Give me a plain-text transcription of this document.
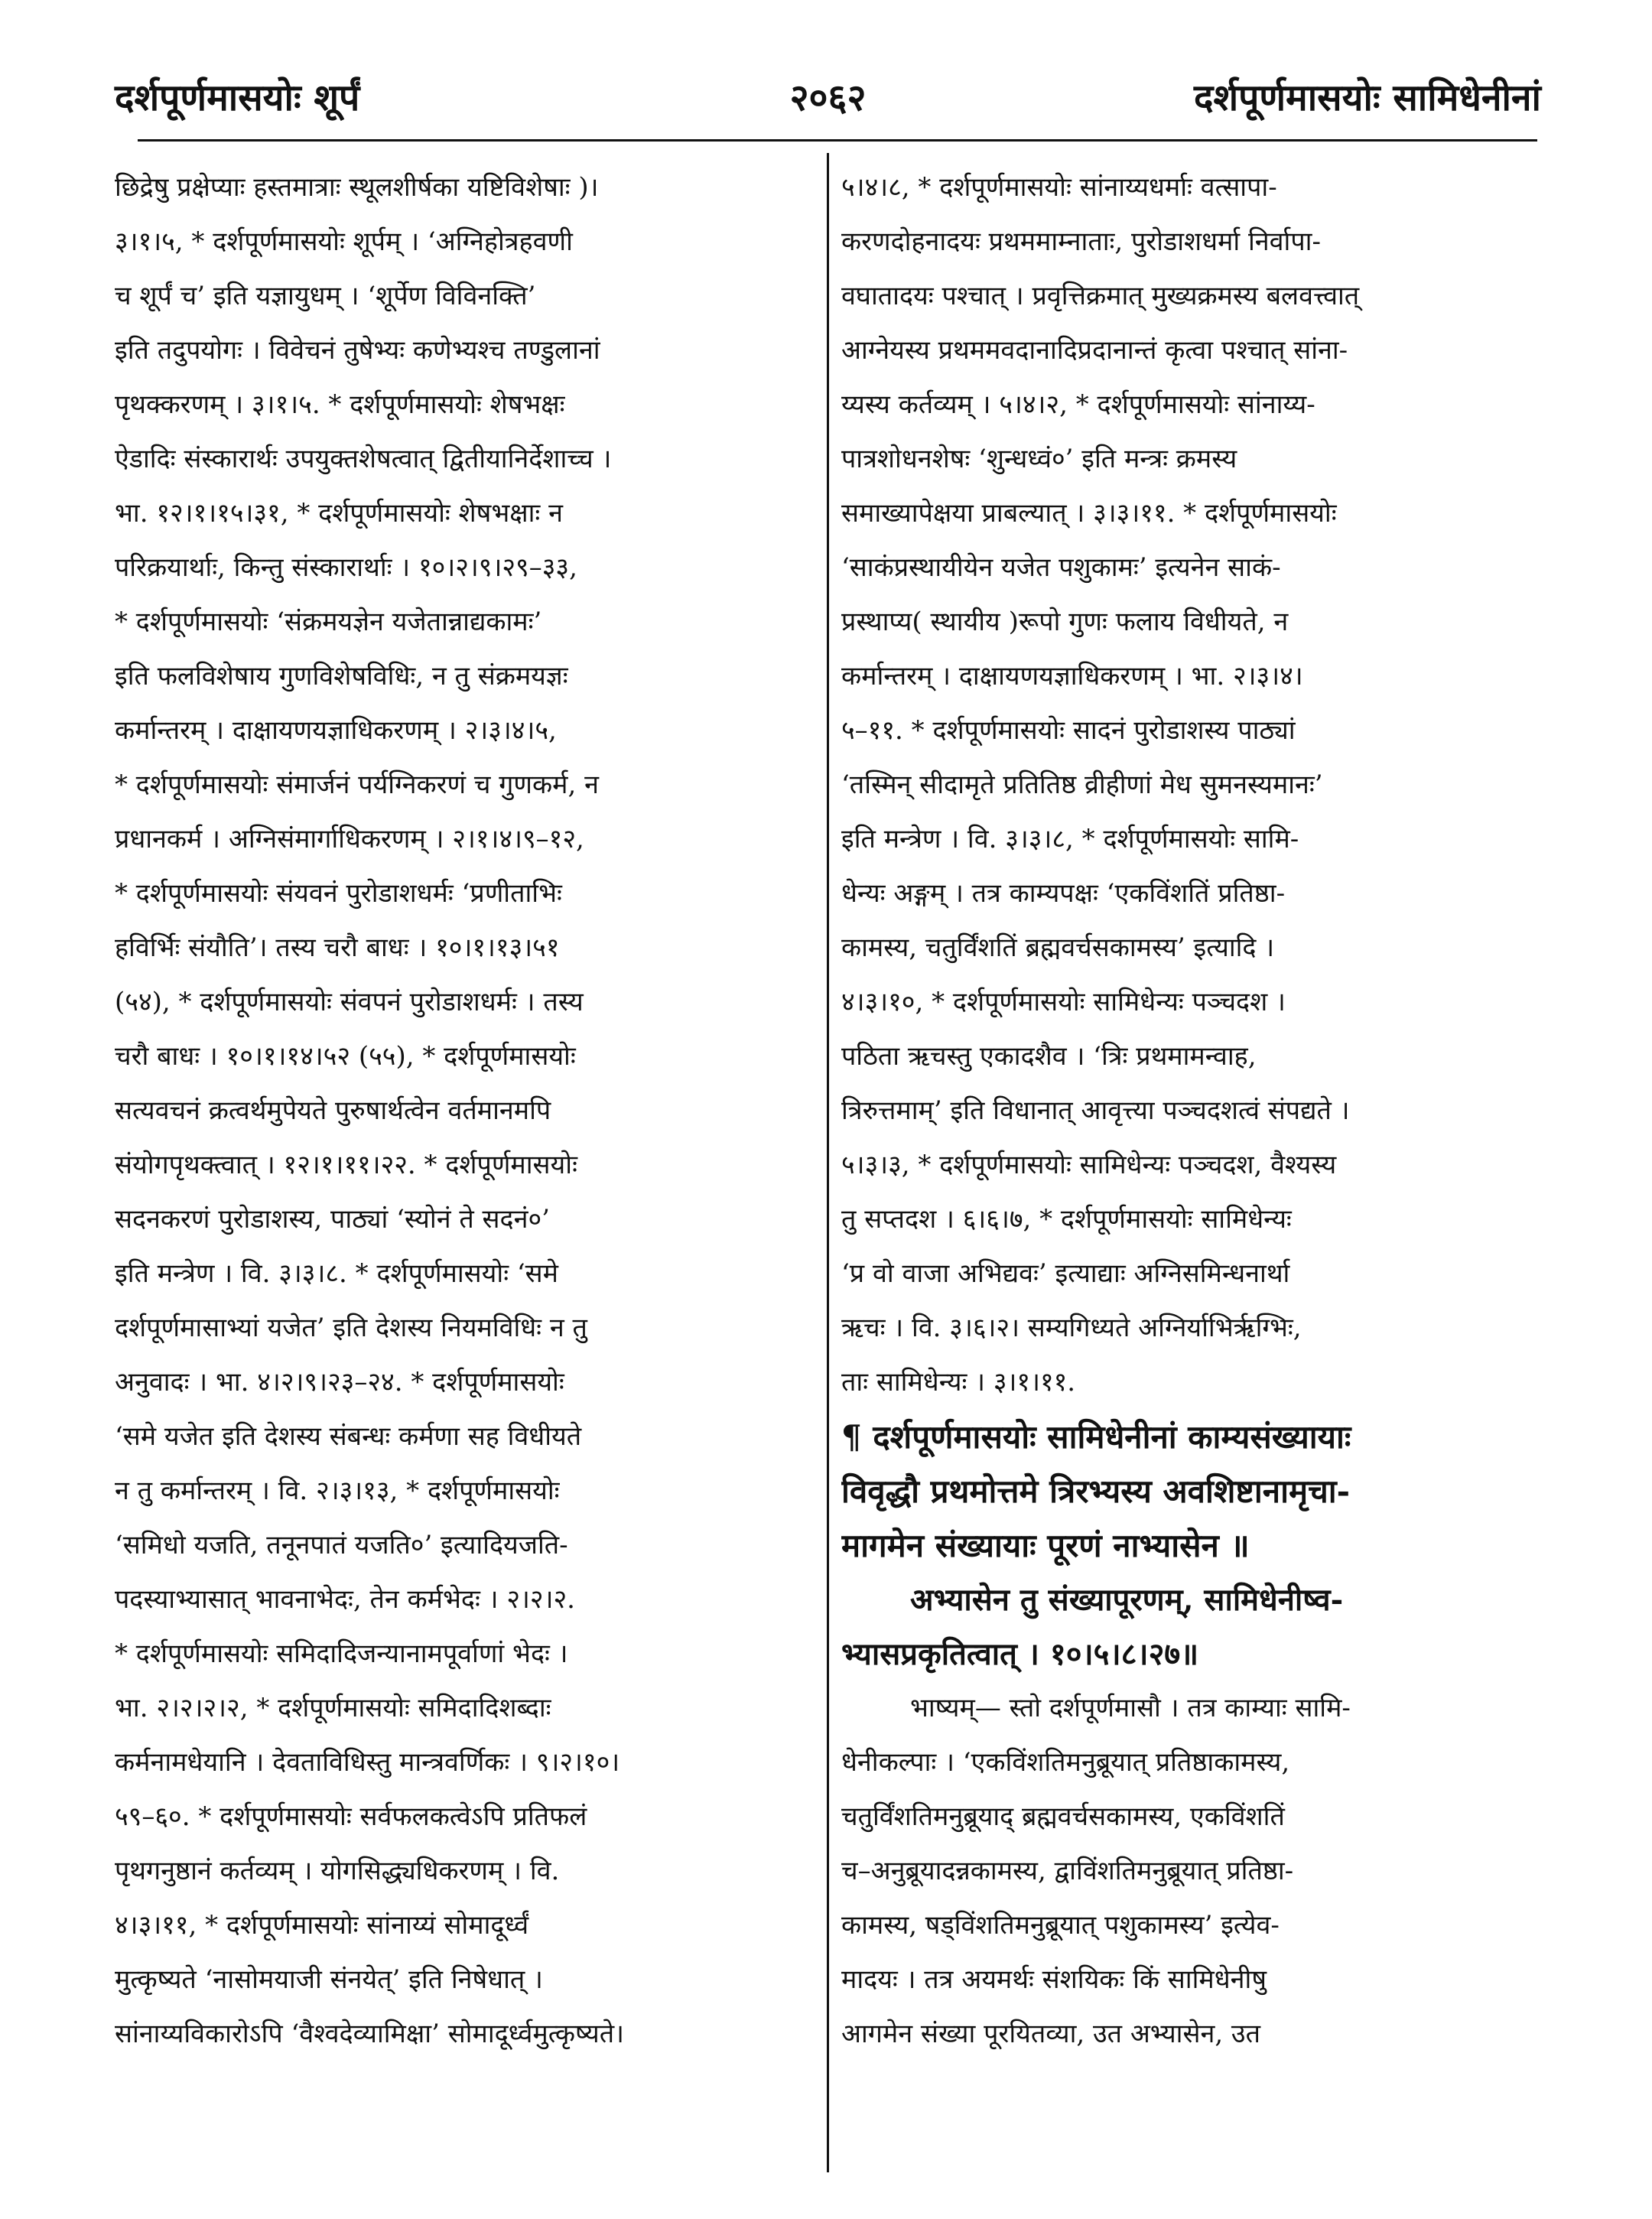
२०६२
दर्शपूर्णमासयोः शूर्पं	दर्शपूर्णमासयोः सामिधेनीनां
छिद्रेषु प्रक्षेप्याः हस्तमात्राः स्थूलशीर्षका यष्टिविशेषाः )।
३।१।५, * दर्शपूर्णमासयोः शूर्पम् । ‘अग्निहोत्रहवणी
च शूर्पं च’ इति यज्ञायुधम् । ‘शूर्पेण विविनक्ति’
इति तदुपयोगः । विवेचनं तुषेभ्यः कणेभ्यश्च तण्डुलानां
पृथक्करणम् । ३।१।५. * दर्शपूर्णमासयोः शेषभक्षः
ऐडादिः संस्कारार्थः उपयुक्तशेषत्वात् द्वितीयानिर्देशाच्च ।
भा. १२।१।१५।३१, * दर्शपूर्णमासयोः शेषभक्षाः न
परिक्रयार्थाः, किन्तु संस्कारार्थाः । १०।२।९।२९–३३,
* दर्शपूर्णमासयोः ‘संक्रमयज्ञेन यजेतान्नाद्यकामः’
इति फलविशेषाय गुणविशेषविधिः, न तु संक्रमयज्ञः
कर्मान्तरम् । दाक्षायणयज्ञाधिकरणम् । २।३।४।५,
* दर्शपूर्णमासयोः संमार्जनं पर्यग्निकरणं च गुणकर्म, न
प्रधानकर्म । अग्निसंमार्गाधिकरणम् । २।१।४।९–१२,
* दर्शपूर्णमासयोः संयवनं पुरोडाशधर्मः ‘प्रणीताभिः
हविर्भिः संयौति’। तस्य चरौ बाधः । १०।१।१३।५१
(५४), * दर्शपूर्णमासयोः संवपनं पुरोडाशधर्मः । तस्य
चरौ बाधः । १०।१।१४।५२ (५५), * दर्शपूर्णमासयोः
सत्यवचनं क्रत्वर्थमुपेयते पुरुषार्थत्वेन वर्तमानमपि
संयोगपृथक्त्वात् । १२।१।११।२२. * दर्शपूर्णमासयोः
सदनकरणं पुरोडाशस्य, पाठ्यां ‘स्योनं ते सदनं०’
इति मन्त्रेण । वि. ३।३।८. * दर्शपूर्णमासयोः ‘समे
दर्शपूर्णमासाभ्यां यजेत’ इति देशस्य नियमविधिः न तु
अनुवादः । भा. ४।२।९।२३–२४. * दर्शपूर्णमासयोः
‘समे यजेत इति देशस्य संबन्धः कर्मणा सह विधीयते
न तु कर्मान्तरम् । वि. २।३।१३, * दर्शपूर्णमासयोः
‘समिधो यजति, तनूनपातं यजति०’ इत्यादियजति-
पदस्याभ्यासात् भावनाभेदः, तेन कर्मभेदः । २।२।२.
* दर्शपूर्णमासयोः समिदादिजन्यानामपूर्वाणां भेदः ।
भा. २।२।२।२, * दर्शपूर्णमासयोः समिदादिशब्दाः
कर्मनामधेयानि । देवताविधिस्तु मान्त्रवर्णिकः । ९।२।१०।
५९–६०. * दर्शपूर्णमासयोः सर्वफलकत्वेऽपि प्रतिफलं
पृथगनुष्ठानं कर्तव्यम् । योगसिद्ध्यधिकरणम् । वि.
४।३।११, * दर्शपूर्णमासयोः सांनाय्यं सोमादूर्ध्वं
मुत्कृष्यते ‘नासोमयाजी संनयेत्’ इति निषेधात् ।
सांनाय्यविकारोऽपि ‘वैश्वदेव्यामिक्षा’ सोमादूर्ध्वमुत्कृष्यते।
५।४।८, * दर्शपूर्णमासयोः सांनाय्यधर्माः वत्सापा-
करणदोहनादयः प्रथममाम्नाताः, पुरोडाशधर्मा निर्वापा-
वघातादयः पश्चात् । प्रवृत्तिक्रमात् मुख्यक्रमस्य बलवत्त्वात्
आग्नेयस्य प्रथममवदानादिप्रदानान्तं कृत्वा पश्चात् सांना-
य्यस्य कर्तव्यम् । ५।४।२, * दर्शपूर्णमासयोः सांनाय्य-
पात्रशोधनशेषः ‘शुन्धध्वं०’ इति मन्त्रः क्रमस्य
समाख्यापेक्षया प्राबल्यात् । ३।३।११. * दर्शपूर्णमासयोः
‘साकंप्रस्थायीयेन यजेत पशुकामः’ इत्यनेन साकं-
प्रस्थाप्य( स्थायीय )रूपो गुणः फलाय विधीयते, न
कर्मान्तरम् । दाक्षायणयज्ञाधिकरणम् । भा. २।३।४।
५–११. * दर्शपूर्णमासयोः सादनं पुरोडाशस्य पाठ्यां
‘तस्मिन् सीदामृते प्रतितिष्ठ व्रीहीणां मेध सुमनस्यमानः’
इति मन्त्रेण । वि. ३।३।८, * दर्शपूर्णमासयोः सामि-
धेन्यः अङ्गम् । तत्र काम्यपक्षः ‘एकविंशतिं प्रतिष्ठा-
कामस्य, चतुर्विंशतिं ब्रह्मवर्चसकामस्य’ इत्यादि ।
४।३।१०, * दर्शपूर्णमासयोः सामिधेन्यः पञ्चदश ।
पठिता ऋचस्तु एकादशैव । ‘त्रिः प्रथमामन्वाह,
त्रिरुत्तमाम्’ इति विधानात् आवृत्त्या पञ्चदशत्वं संपद्यते ।
५।३।३, * दर्शपूर्णमासयोः सामिधेन्यः पञ्चदश, वैश्यस्य
तु सप्तदश । ६।६।७, * दर्शपूर्णमासयोः सामिधेन्यः
‘प्र वो वाजा अभिद्यवः’ इत्याद्याः अग्निसमिन्धनार्था
ऋचः । वि. ३।६।२। सम्यगिध्यते अग्निर्याभिर्ऋग्भिः,
ताः सामिधेन्यः । ३।१।११.
¶ दर्शपूर्णमासयोः सामिधेनीनां काम्यसंख्यायाः
विवृद्धौ प्रथमोत्तमे त्रिरभ्यस्य अवशिष्टानामृचा-
मागमेन संख्यायाः पूरणं नाभ्यासेन ॥
अभ्यासेन तु संख्यापूरणम्, सामिधेनीष्व-
भ्यासप्रकृतित्वात् । १०।५।८।२७॥
भाष्यम्— स्तो दर्शपूर्णमासौ । तत्र काम्याः सामि-
धेनीकल्पाः । ‘एकविंशतिमनुब्रूयात् प्रतिष्ठाकामस्य,
चतुर्विंशतिमनुब्रूयाद् ब्रह्मवर्चसकामस्य, एकविंशतिं
च–अनुब्रूयादन्नकामस्य, द्वाविंशतिमनुब्रूयात् प्रतिष्ठा-
कामस्य, षड्विंशतिमनुब्रूयात् पशुकामस्य’ इत्येव-
मादयः । तत्र अयमर्थः संशयिकः किं सामिधेनीषु
आगमेन संख्या पूरयितव्या, उत अभ्यासेन, उत
